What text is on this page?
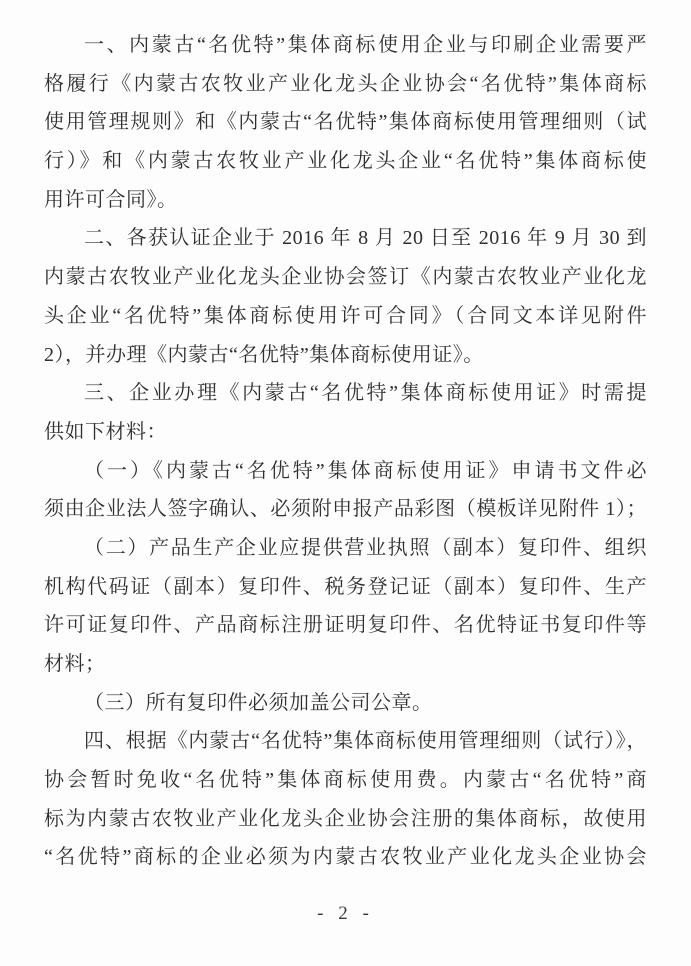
一、内蒙古“名优特”集体商标使用企业与印刷企业需要严
格履行《内蒙古农牧业产业化龙头企业协会“名优特”集体商标
使用管理规则》和《内蒙古“名优特”集体商标使用管理细则（试
行）》和《内蒙古农牧业产业化龙头企业“名优特”集体商标使
用许可合同》。
二、各获认证企业于 2016 年 8 月 20 日至 2016 年 9 月 30 到
内蒙古农牧业产业化龙头企业协会签订《内蒙古农牧业产业化龙
头企业“名优特”集体商标使用许可合同》（合同文本详见附件
2），并办理《内蒙古“名优特”集体商标使用证》。
三、企业办理《内蒙古“名优特”集体商标使用证》时需提
供如下材料：
（一）《内蒙古“名优特”集体商标使用证》申请书文件必
须由企业法人签字确认、必须附申报产品彩图（模板详见附件 1）；
（二）产品生产企业应提供营业执照（副本）复印件、组织
机构代码证（副本）复印件、税务登记证（副本）复印件、生产
许可证复印件、产品商标注册证明复印件、名优特证书复印件等
材料；
（三）所有复印件必须加盖公司公章。
四、根据《内蒙古“名优特”集体商标使用管理细则（试行）》，
协会暂时免收“名优特”集体商标使用费。内蒙古“名优特”商
标为内蒙古农牧业产业化龙头企业协会注册的集体商标，故使用
“名优特”商标的企业必须为内蒙古农牧业产业化龙头企业协会
- 2 -
